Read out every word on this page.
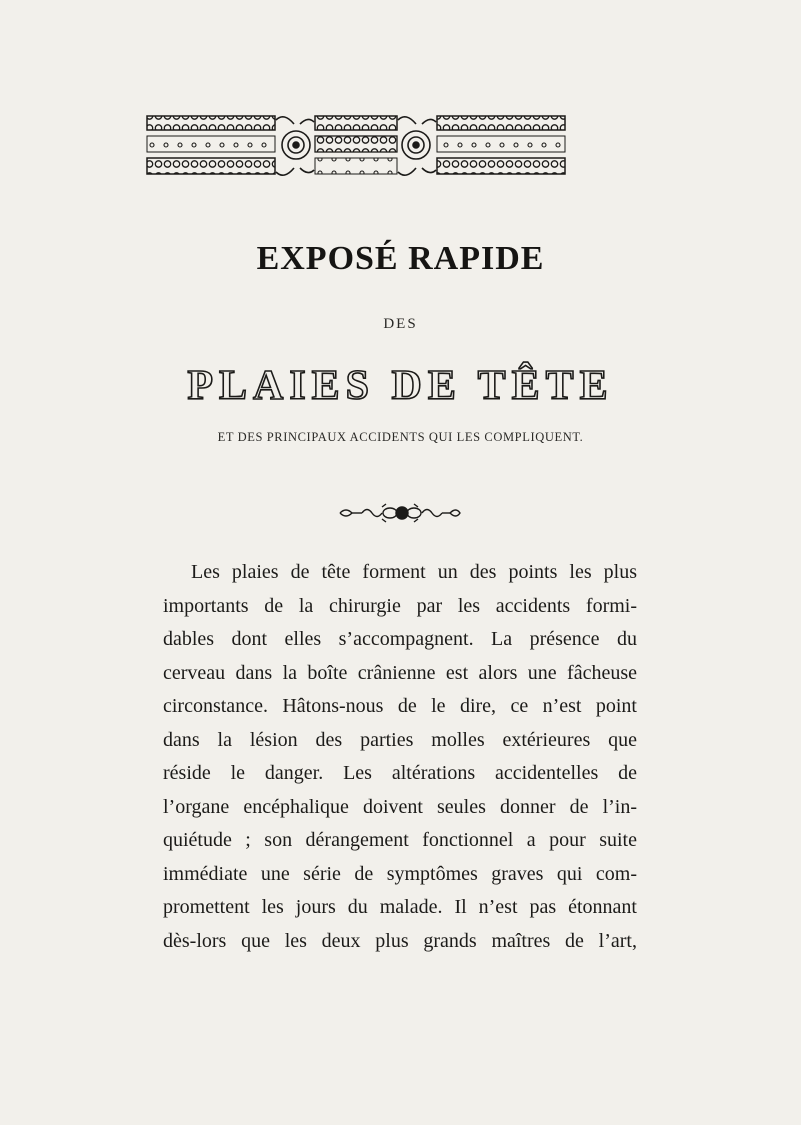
EXPOSÉ RAPIDE
DES
PLAIES DE TÊTE
ET DES PRINCIPAUX ACCIDENTS QUI LES COMPLIQUENT.
Les plaies de tête forment un des points les plus
importants de la chirurgie par les accidents formi-
dables dont elles s’accompagnent. La présence du
cerveau dans la boîte crânienne est alors une fâcheuse
circonstance. Hâtons-nous de le dire, ce n’est point
dans la lésion des parties molles extérieures que
réside le danger. Les altérations accidentelles de
l’organe encéphalique doivent seules donner de l’in-
quiétude ; son dérangement fonctionnel a pour suite
immédiate une série de symptômes graves qui com-
promettent les jours du malade. Il n’est pas étonnant
dès-lors que les deux plus grands maîtres de l’art,
